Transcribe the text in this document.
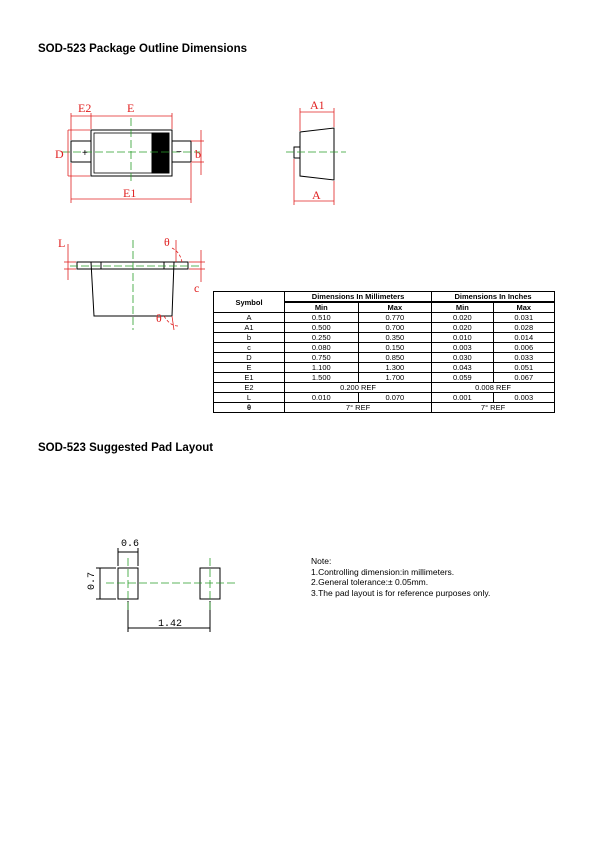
SOD-523 Package Outline Dimensions
E2	E
D	b
E1
+	−
A1
A
L	θ
c
θ
Symbol	Dimensions In Millimeters		Dimensions In Inches	
	Min	Max	Min	Max
A	0.510	0.770	0.020	0.031
A1	0.500	0.700	0.020	0.028
b	0.250	0.350	0.010	0.014
c	0.080	0.150	0.003	0.006
D	0.750	0.850	0.030	0.033
E	1.100	1.300	0.043	0.051
E1	1.500	1.700	0.059	0.067
E2	0.200 REF		0.008 REF	
L	0.010	0.070	0.001	0.003
θ	7° REF		7° REF	
SOD-523 Suggested Pad Layout
0.6
0.7
1.42
Note:
1.Controlling dimension:in millimeters.
2.General tolerance:± 0.05mm.
3.The pad layout is for reference purposes only.
